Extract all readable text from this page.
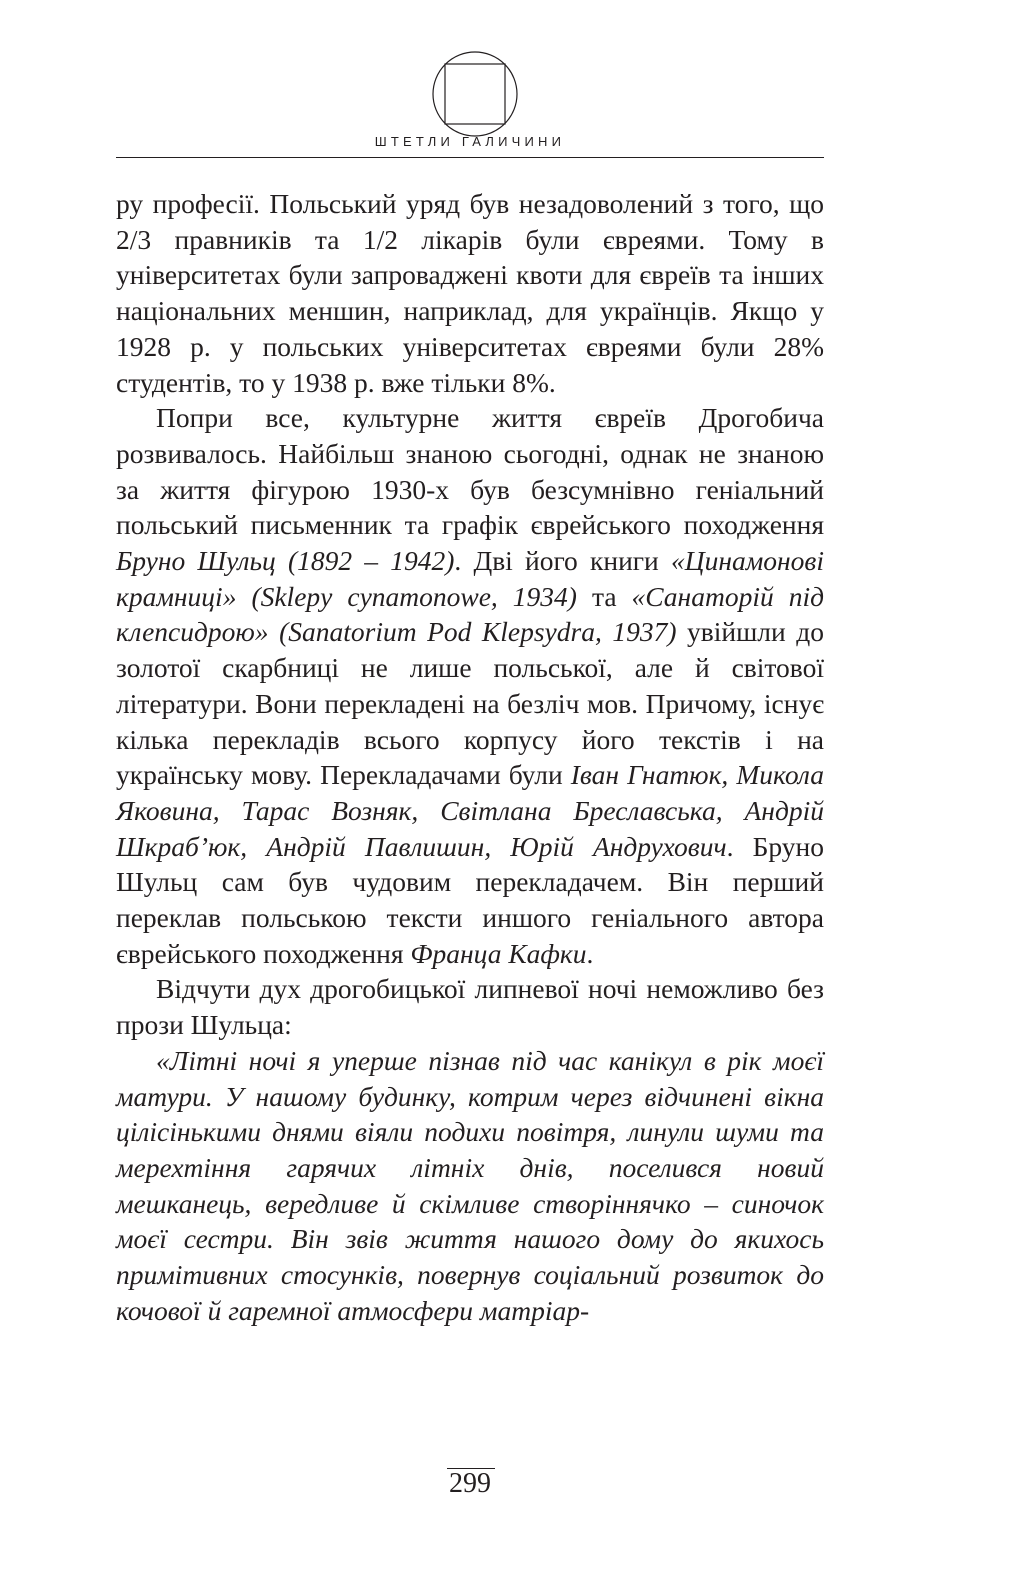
ШТЕТЛИ ГАЛИЧИНИ

ру професії. Польський уряд був незадоволений з того, що 2/3 правників та 1/2 лікарів були євреями. Тому в університетах були запроваджені квоти для євреїв та інших національних меншин, наприклад, для українців. Якщо у 1928 р. у польських університетах євреями були 28% студентів, то у 1938 р. вже тільки 8%.

Попри все, культурне життя євреїв Дрогобича розвивалось. Найбільш знаною сьогодні, однак не знаною за життя фігурою 1930-х був безсумнівно геніальний польський письменник та графік єврейського походження Бруно Шульц (1892 – 1942). Дві його книги «Цинамонові крамниці» (Sklepy cynamonowe, 1934) та «Санаторій під клепсидрою» (Sanatorium Pod Klepsydra, 1937) увійшли до золотої скарбниці не лише польської, але й світової літератури. Вони перекладені на безліч мов. Причому, існує кілька перекладів всього корпусу його текстів і на українську мову. Перекладачами були Іван Гнатюк, Микола Яковина, Тарас Возняк, Світлана Бреславська, Андрій Шкраб’юк, Андрій Павлишин, Юрій Андрухович. Бруно Шульц сам був чудовим перекладачем. Він перший переклав польською тексти иншого геніального автора єврейського походження Франца Кафки.

Відчути дух дрогобицької липневої ночі неможливо без прози Шульца:

«Літні ночі я уперше пізнав під час канікул в рік моєї матури. У нашому будинку, котрим через відчинені вікна цілісінькими днями віяли подихи повітря, линули шуми та мерехтіння гарячих літніх днів, поселився новий мешканець, вередливе й скімливе створіннячко – синочок моєї сестри. Він звів життя нашого дому до якихось примітивних стосунків, повернув соціальний розвиток до кочової й гаремної атмосфери матріар-

299
